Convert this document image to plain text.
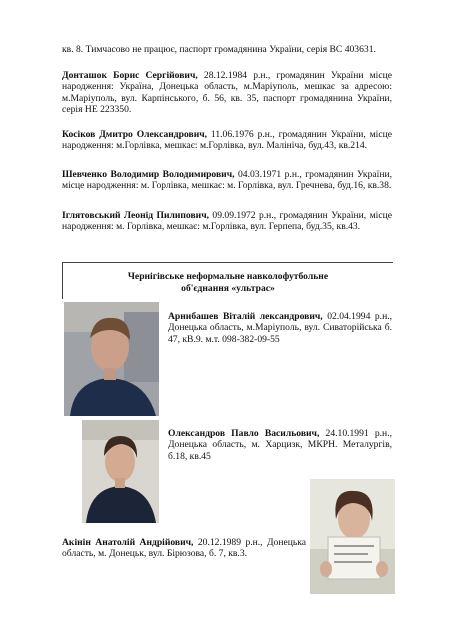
кв. 8. Тимчасово не працює, паспорт громадянина України, серія ВС 403631.
Донташок Борис Сергійович, 28.12.1984 р.н., громадянин України місце народження: Україна, Донецька область, м.Маріуполь, мешкає за адресою: м.Маріуполь, вул. Карпінського, б. 56, кв. 35, паспорт громадянина України, серія НЕ 223350.
Косіков Дмитро Олександрович, 11.06.1976 р.н., громадянин України, місце народження: м.Горлівка, мешкає: м.Горлівка, вул. Малініча, буд.43, кв.214.
Шевченко Володимир Володимирович, 04.03.1971 р.н., громадянин України, місце народження: м. Горлівка, мешкає: м. Горлівка, вул. Гречнева, буд.16, кв.38.
Іглятовський Леонід Пилипович, 09.09.1972 р.н., громадянин України, місце народження: м. Горлівка, мешкає: м.Горлівка, вул. Герпепа, буд.35, кв.43.
Чернігівське неформальне навколофутбольне
об'єднання «ультрас»
Арнибашев Віталій лександрович, 02.04.1994 р.н., Донецька область, м.Маріуполь, вул. Сиваторійська б. 47, кВ.9. м.т. 098-382-09-55
Олександров Павло Васильович, 24.10.1991 р.н., Донецька область, м. Харцизк, МКРН. Металургів, б.18, кв.45
Акінін Анатолій Андрійович, 20.12.1989 р.н., Донецька область, м. Донецьк, вул. Бірюзова, б. 7, кв.3.
